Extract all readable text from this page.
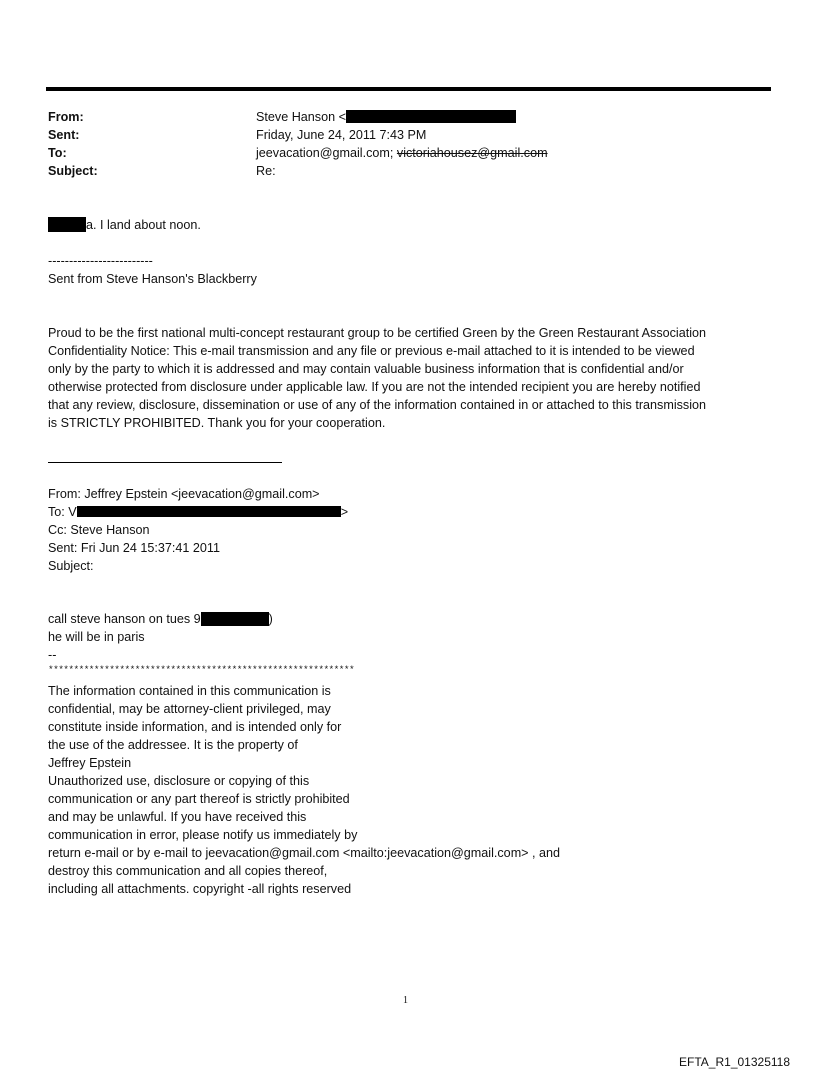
From:	Steve Hanson <
Sent:	Friday, June 24, 2011 7:43 PM
To:	jeevacation@gmail.com; victoriahousez@gmail.com
Subject:	Re:
a. I land about noon.
-------------------------
Sent from Steve Hanson's Blackberry
Proud to be the first national multi-concept restaurant group to be certified Green by the Green Restaurant Association
Confidentiality Notice: This e-mail transmission and any file or previous e-mail attached to it is intended to be viewed
only by the party to which it is addressed and may contain valuable business information that is confidential and/or
otherwise protected from disclosure under applicable law. If you are not the intended recipient you are hereby notified
that any review, disclosure, dissemination or use of any of the information contained in or attached to this transmission
is STRICTLY PROHIBITED. Thank you for your cooperation.
From: Jeffrey Epstein <jeevacation@gmail.com>
To: V	>
Cc: Steve Hanson
Sent: Fri Jun 24 15:37:41 2011
Subject:
call steve hanson on tues 9	)
he will be in paris
--
************************************************************
The information contained in this communication is
confidential, may be attorney-client privileged, may
constitute inside information, and is intended only for
the use of the addressee. It is the property of
Jeffrey Epstein
Unauthorized use, disclosure or copying of this
communication or any part thereof is strictly prohibited
and may be unlawful. If you have received this
communication in error, please notify us immediately by
return e-mail or by e-mail to jeevacation@gmail.com <mailto:jeevacation@gmail.com> , and
destroy this communication and all copies thereof,
including all attachments. copyright -all rights reserved
1
EFTA_R1_01325118
